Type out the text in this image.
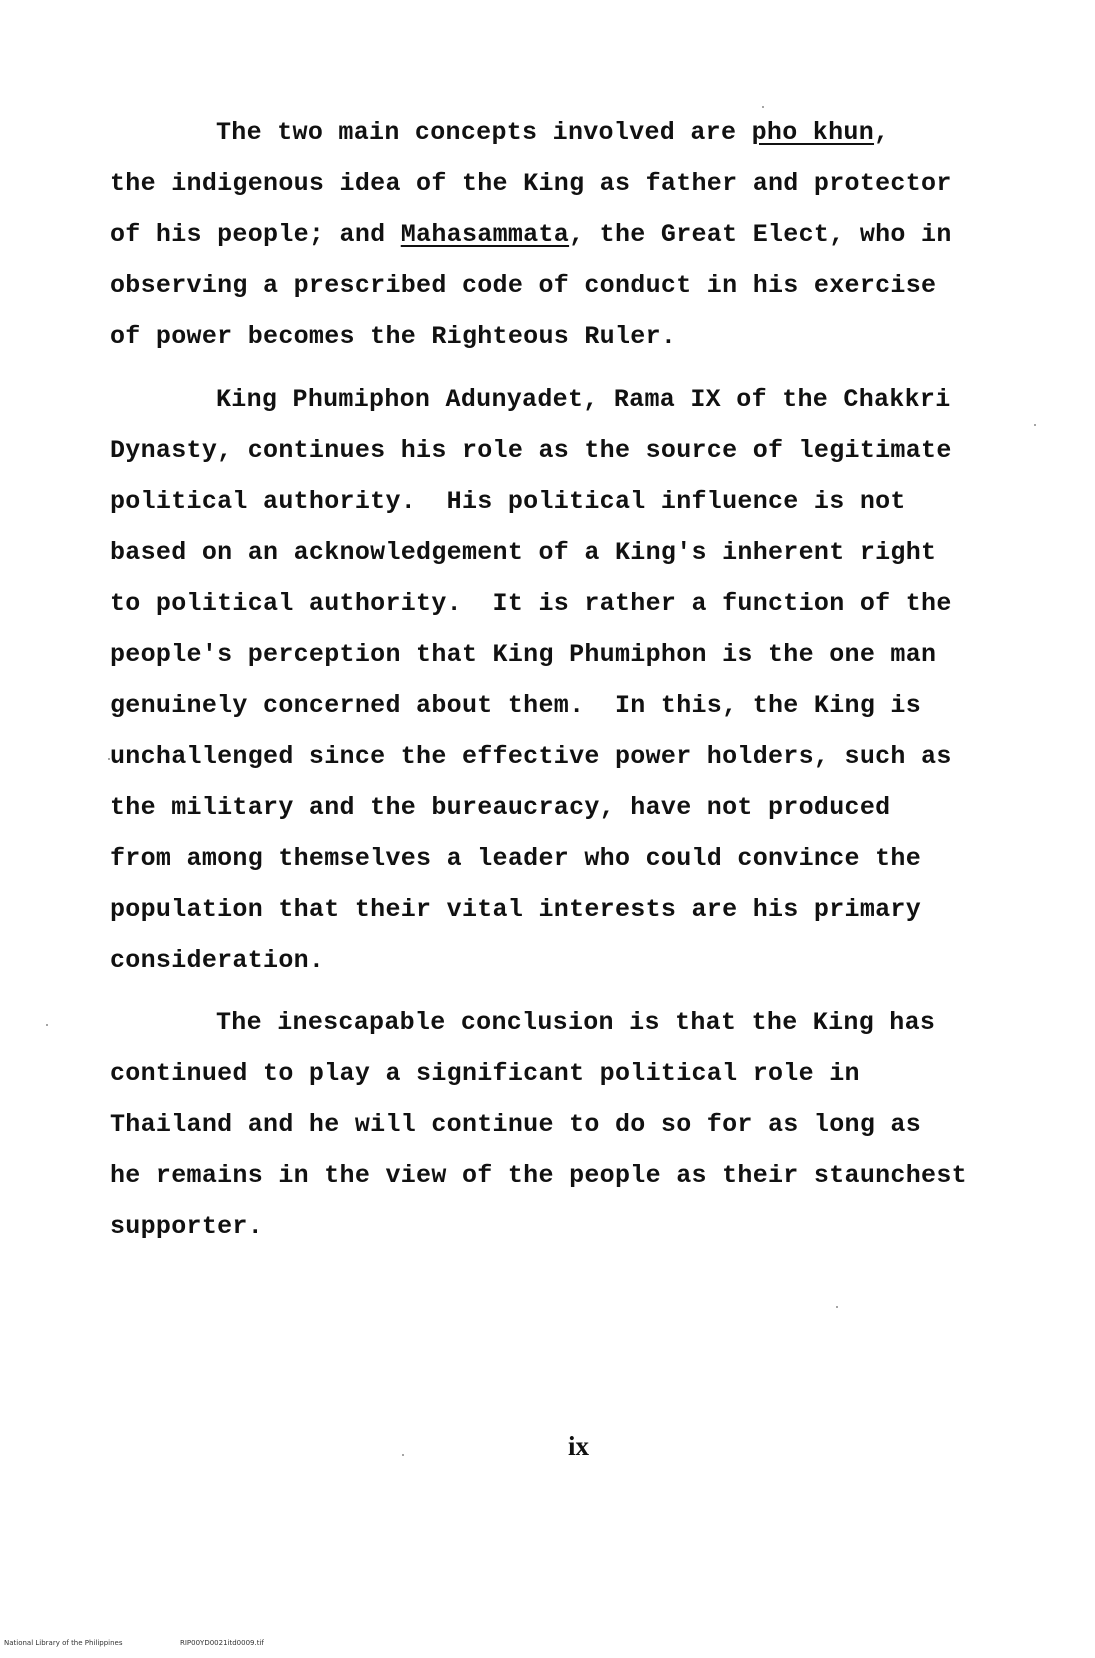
The two main concepts involved are pho khun,
the indigenous idea of the King as father and protector
of his people; and Mahasammata, the Great Elect, who in
observing a prescribed code of conduct in his exercise
of power becomes the Righteous Ruler.
King Phumiphon Adunyadet, Rama IX of the Chakkri
Dynasty, continues his role as the source of legitimate
political authority.  His political influence is not
based on an acknowledgement of a King's inherent right
to political authority.  It is rather a function of the
people's perception that King Phumiphon is the one man
genuinely concerned about them.  In this, the King is
unchallenged since the effective power holders, such as
the military and the bureaucracy, have not produced
from among themselves a leader who could convince the
population that their vital interests are his primary
consideration.
The inescapable conclusion is that the King has
continued to play a significant political role in
Thailand and he will continue to do so for as long as
he remains in the view of the people as their staunchest
supporter.
ix
National Library of the Philippines	RIP00YD0021itd0009.tif
